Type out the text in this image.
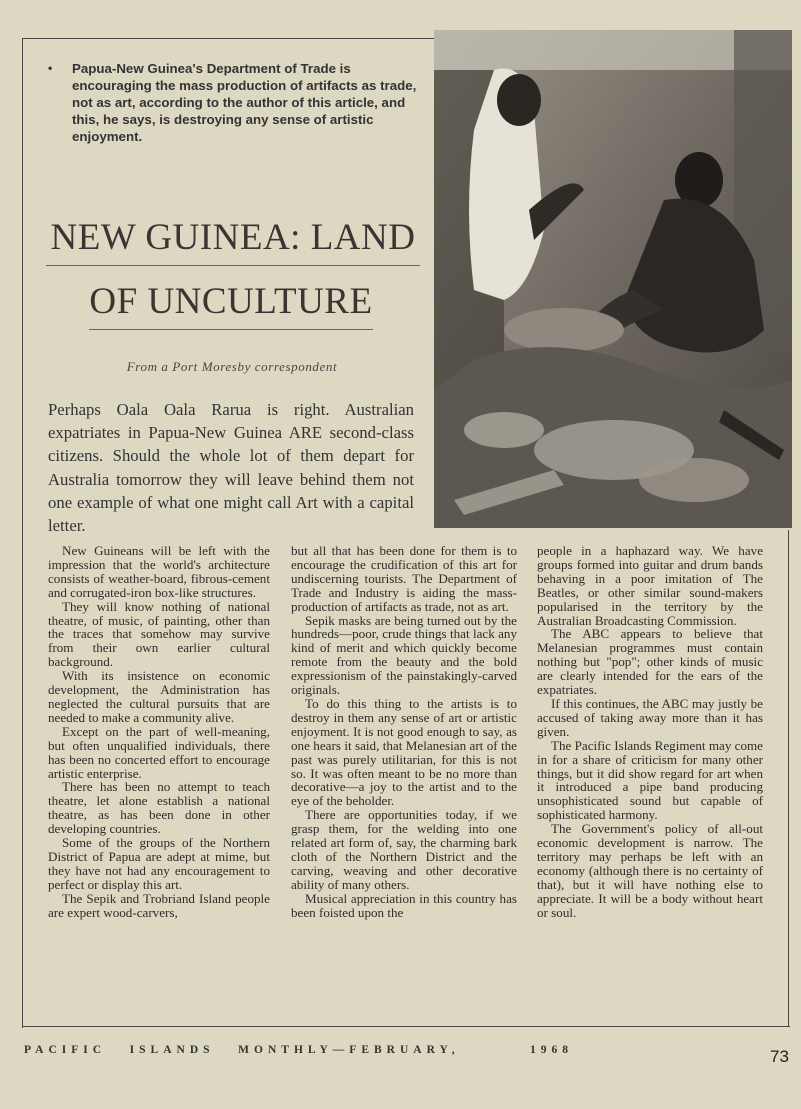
• Papua-New Guinea's Department of Trade is encouraging the mass production of artifacts as trade, not as art, according to the author of this article, and this, he says, is destroying any sense of artistic enjoyment.

NEW GUINEA: LAND
OF UNCULTURE
From a Port Moresby correspondent
Perhaps Oala Oala Rarua is right. Australian expatriates in Papua-New Guinea ARE second-class citizens. Should the whole lot of them depart for Australia tomorrow they will leave behind them not one example of what one might call Art with a capital letter.

New Guineans will be left with the impression that the world's architecture consists of weather-board, fibrous-cement and corrugated-iron box-like structures.

They will know nothing of national theatre, of music, of painting, other than the traces that somehow may survive from their own earlier cultural background.

With its insistence on economic development, the Administration has neglected the cultural pursuits that are needed to make a community alive.

Except on the part of well-meaning, but often unqualified individuals, there has been no concerted effort to encourage artistic enterprise.

There has been no attempt to teach theatre, let alone establish a national theatre, as has been done in other developing countries.

Some of the groups of the Northern District of Papua are adept at mime, but they have not had any encouragement to perfect or display this art.

The Sepik and Trobriand Island people are expert wood-carvers,

but all that has been done for them is to encourage the crudification of this art for undiscerning tourists. The Department of Trade and Industry is aiding the mass-production of artifacts as trade, not as art.

Sepik masks are being turned out by the hundreds—poor, crude things that lack any kind of merit and which quickly become remote from the beauty and the bold expressionism of the painstakingly-carved originals.

To do this thing to the artists is to destroy in them any sense of art or artistic enjoyment. It is not good enough to say, as one hears it said, that Melanesian art of the past was purely utilitarian, for this is not so. It was often meant to be no more than decorative—a joy to the artist and to the eye of the beholder.

There are opportunities today, if we grasp them, for the welding into one related art form of, say, the charming bark cloth of the Northern District and the carving, weaving and other decorative ability of many others.

Musical appreciation in this country has been foisted upon the

people in a haphazard way. We have groups formed into guitar and drum bands behaving in a poor imitation of The Beatles, or other similar sound-makers popularised in the territory by the Australian Broadcasting Commission.

The ABC appears to believe that Melanesian programmes must contain nothing but "pop"; other kinds of music are clearly intended for the ears of the expatriates.

If this continues, the ABC may justly be accused of taking away more than it has given.

The Pacific Islands Regiment may come in for a share of criticism for many other things, but it did show regard for art when it introduced a pipe band producing unsophisticated sound but capable of sophisticated harmony.

The Government's policy of all-out economic development is narrow. The territory may perhaps be left with an economy (although there is no certainty of that), but it will have nothing else to appreciate. It will be a body without heart or soul.

PACIFIC   ISLANDS   MONTHLY—FEBRUARY,	1968	73
